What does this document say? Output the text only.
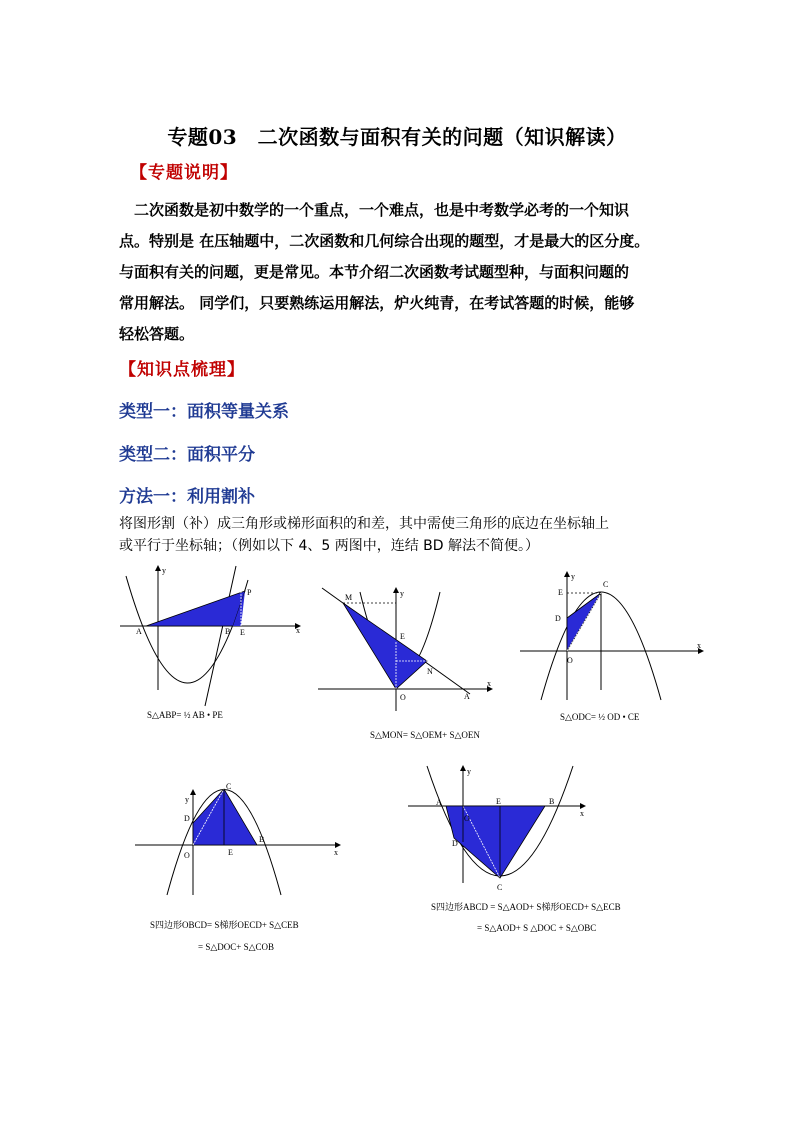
专题03　二次函数与面积有关的问题（知识解读）
【专题说明】
　二次函数是初中数学的一个重点，一个难点，也是中考数学必考的一个知识
点。特别是 在压轴题中，二次函数和几何综合出现的题型，才是最大的区分度。
与面积有关的问题，更是常见。本节介绍二次函数考试题型种，与面积问题的
常用解法。 同学们，只要熟练运用解法，炉火纯青，在考试答题的时候，能够
轻松答题。
【知识点梳理】
类型一：面积等量关系
类型二：面积平分
方法一：利用割补
将图形割（补）成三角形或梯形面积的和差，其中需使三角形的底边在坐标轴上
或平行于坐标轴；（例如以下 4、5 两图中，连结 BD 解法不简便。）
A	B E
P
x
y
S△ABP= ½ AB • PE
M
E
N
O	A
x
y
S△MON= S△OEM+ S△OEN
C
E
D
O
x
y
S△ODC= ½ OD • CE
C
D
O	E
B
x
y
S四边形OBCD= S梯形OECD+ S△CEB
= S△DOC+ S△COB
A	E	B
D
O
C
x
y
S四边形ABCD = S△AOD+ S梯形OECD+ S△ECB
= S△AOD+ S △DOC + S△OBC
